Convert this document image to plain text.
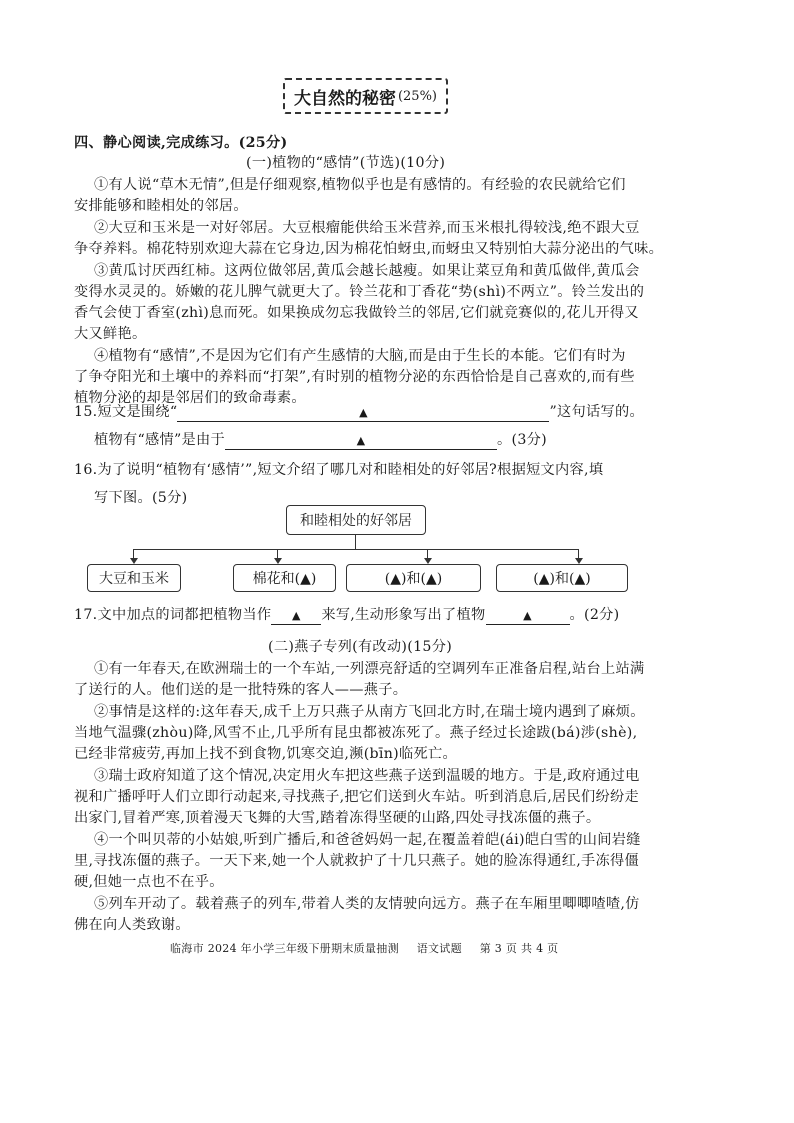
大自然的秘密 (25%)
四、静心阅读,完成练习。(25分)
(一)植物的“感情”(节选)(10分)
①有人说“草木无情”,但是仔细观察,植物似乎也是有感情的。有经验的农民就给它们
安排能够和睦相处的邻居。
②大豆和玉米是一对好邻居。大豆根瘤能供给玉米营养,而玉米根扎得较浅,绝不跟大豆
争夺养料。棉花特别欢迎大蒜在它身边,因为棉花怕蚜虫,而蚜虫又特别怕大蒜分泌出的气味。
③黄瓜讨厌西红柿。这两位做邻居,黄瓜会越长越瘦。如果让菜豆角和黄瓜做伴,黄瓜会
变得水灵灵的。娇嫩的花儿脾气就更大了。铃兰花和丁香花“势(shì)不两立”。铃兰发出的
香气会使丁香室(zhì)息而死。如果换成勿忘我做铃兰的邻居,它们就竞赛似的,花儿开得又
大又鲜艳。
④植物有“感情”,不是因为它们有产生感情的大脑,而是由于生长的本能。它们有时为
了争夺阳光和土壤中的养料而“打架”,有时别的植物分泌的东西恰恰是自己喜欢的,而有些
植物分泌的却是邻居们的致命毒素。
15.短文是围绕“	▲	”这句话写的。
植物有“感情”是由于	▲	。(3分)
16.为了说明“植物有‘感情’”,短文介绍了哪几对和睦相处的好邻居?根据短文内容,填
写下图。(5分)
和睦相处的好邻居
大豆和玉米	棉花和(▲)	(▲)和(▲)	(▲)和(▲)
17.文中加点的词都把植物当作 ▲ 来写,生动形象写出了植物	▲	。(2分)
(二)燕子专列(有改动)(15分)
①有一年春天,在欧洲瑞士的一个车站,一列漂亮舒适的空调列车正准备启程,站台上站满
了送行的人。他们送的是一批特殊的客人——燕子。
②事情是这样的:这年春天,成千上万只燕子从南方飞回北方时,在瑞士境内遇到了麻烦。
当地气温骤(zhòu)降,风雪不止,几乎所有昆虫都被冻死了。燕子经过长途跋(bá)涉(shè),
已经非常疲劳,再加上找不到食物,饥寒交迫,濒(bīn)临死亡。
③瑞士政府知道了这个情况,决定用火车把这些燕子送到温暖的地方。于是,政府通过电
视和广播呼吁人们立即行动起来,寻找燕子,把它们送到火车站。听到消息后,居民们纷纷走
出家门,冒着严寒,顶着漫天飞舞的大雪,踏着冻得坚硬的山路,四处寻找冻僵的燕子。
④一个叫贝蒂的小姑娘,听到广播后,和爸爸妈妈一起,在覆盖着皑(ái)皑白雪的山间岩缝
里,寻找冻僵的燕子。一天下来,她一个人就救护了十几只燕子。她的脸冻得通红,手冻得僵
硬,但她一点也不在乎。
⑤列车开动了。载着燕子的列车,带着人类的友情驶向远方。燕子在车厢里唧唧喳喳,仿
佛在向人类致谢。
临海市 2024 年小学三年级下册期末质量抽测 语文试题 第 3 页 共 4 页
